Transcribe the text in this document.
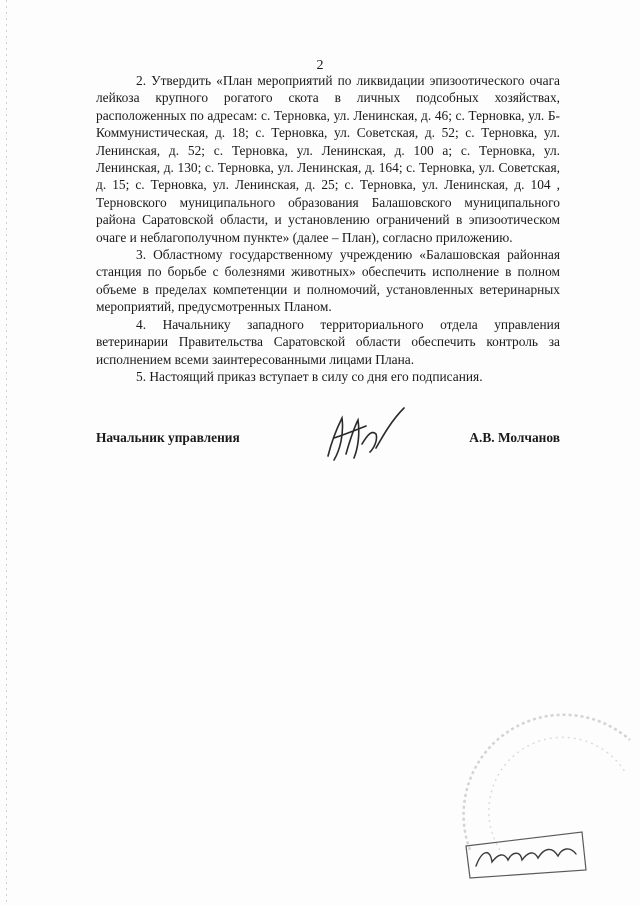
2

2. Утвердить «План мероприятий по ликвидации эпизоотического очага лейкоза крупного рогатого скота в личных подсобных хозяйствах, расположенных по адресам: с. Терновка, ул. Ленинская, д. 46; с. Терновка, ул. Б-Коммунистическая, д. 18; с. Терновка, ул. Советская, д. 52; с. Терновка, ул. Ленинская, д. 52; с. Терновка, ул. Ленинская, д. 100 а; с. Терновка, ул. Ленинская, д. 130; с. Терновка, ул. Ленинская, д. 164; с. Терновка, ул. Советская, д. 15; с. Терновка, ул. Ленинская, д. 25; с. Терновка, ул. Ленинская, д. 104 , Терновского муниципального образования Балашовского муниципального района Саратовской области, и установлению ограничений в эпизоотическом очаге и неблагополучном пункте» (далее – План), согласно приложению.

3. Областному государственному учреждению «Балашовская районная станция по борьбе с болезнями животных» обеспечить исполнение в полном объеме в пределах компетенции и полномочий, установленных ветеринарных мероприятий, предусмотренных Планом.

4. Начальнику западного территориального отдела управления ветеринарии Правительства Саратовской области обеспечить контроль за исполнением всеми заинтересованными лицами Плана.

5. Настоящий приказ вступает в силу со дня его подписания.

Начальник управления	А.В. Молчанов
